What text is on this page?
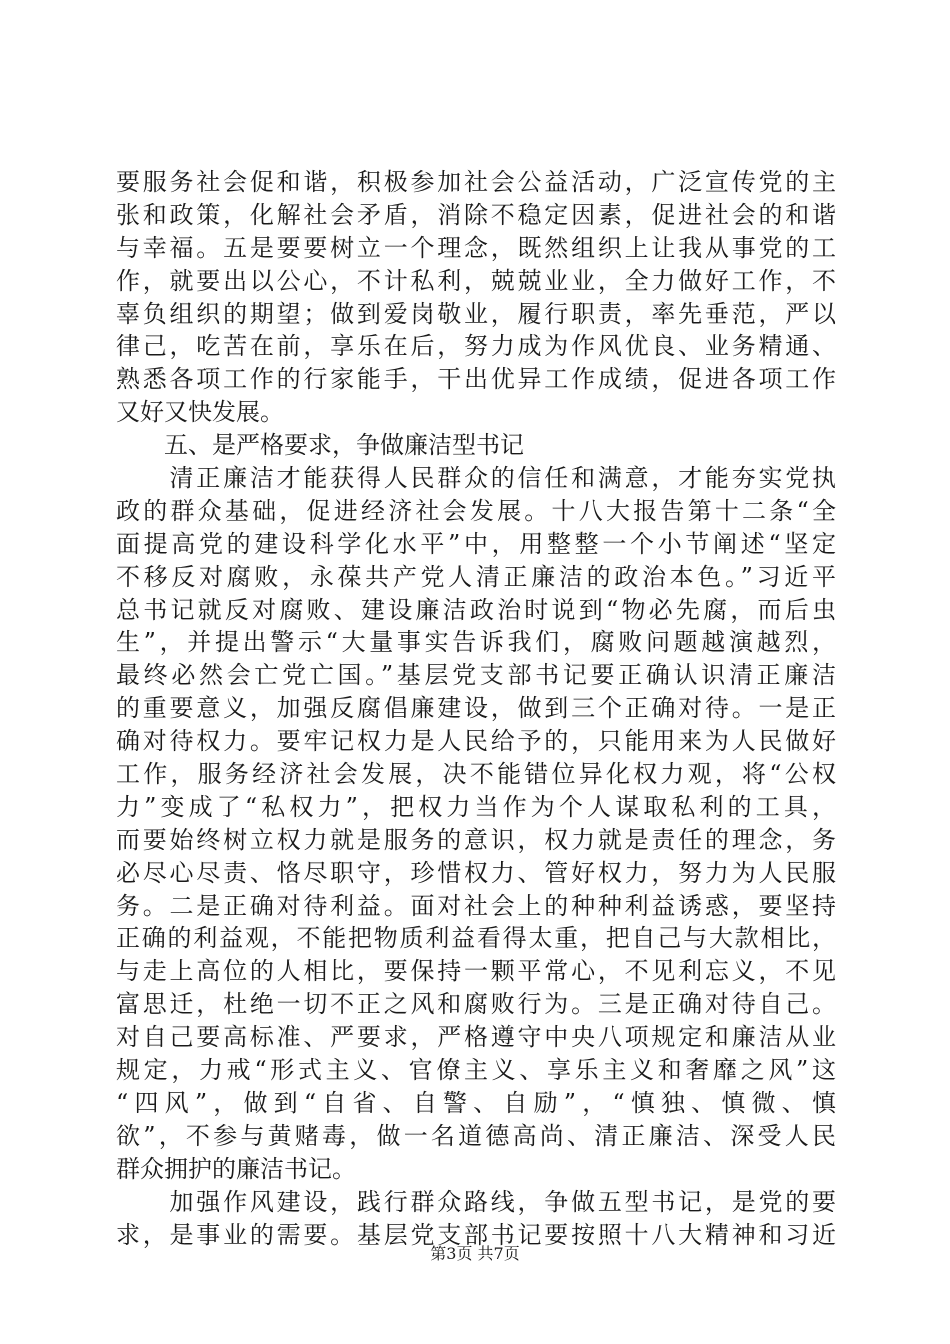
要服务社会促和谐，积极参加社会公益活动，广泛宣传党的主
张和政策，化解社会矛盾，消除不稳定因素，促进社会的和谐
与幸福。五是要要树立一个理念，既然组织上让我从事党的工
作，就要出以公心，不计私利，兢兢业业，全力做好工作，不
辜负组织的期望；做到爱岗敬业，履行职责，率先垂范，严以
律己，吃苦在前，享乐在后，努力成为作风优良、业务精通、
熟悉各项工作的行家能手，干出优异工作成绩，促进各项工作
又好又快发展。
　　五、是严格要求，争做廉洁型书记
　　清正廉洁才能获得人民群众的信任和满意，才能夯实党执
政的群众基础，促进经济社会发展。十八大报告第十二条“全
面提高党的建设科学化水平”中，用整整一个小节阐述“坚定
不移反对腐败，永葆共产党人清正廉洁的政治本色。”习近平
总书记就反对腐败、建设廉洁政治时说到“物必先腐，而后虫
生”，并提出警示“大量事实告诉我们，腐败问题越演越烈，
最终必然会亡党亡国。”基层党支部书记要正确认识清正廉洁
的重要意义，加强反腐倡廉建设，做到三个正确对待。一是正
确对待权力。要牢记权力是人民给予的，只能用来为人民做好
工作，服务经济社会发展，决不能错位异化权力观，将“公权
力”变成了“私权力”，把权力当作为个人谋取私利的工具，
而要始终树立权力就是服务的意识，权力就是责任的理念，务
必尽心尽责、恪尽职守，珍惜权力、管好权力，努力为人民服
务。二是正确对待利益。面对社会上的种种利益诱惑，要坚持
正确的利益观，不能把物质利益看得太重，把自己与大款相比，
与走上高位的人相比，要保持一颗平常心，不见利忘义，不见
富思迁，杜绝一切不正之风和腐败行为。三是正确对待自己。
对自己要高标准、严要求，严格遵守中央八项规定和廉洁从业
规定，力戒“形式主义、官僚主义、享乐主义和奢靡之风”这
“四风”，做到“自省、自警、自励”，“慎独、慎微、慎
欲”，不参与黄赌毒，做一名道德高尚、清正廉洁、深受人民
群众拥护的廉洁书记。
　　加强作风建设，践行群众路线，争做五型书记，是党的要
求，是事业的需要。基层党支部书记要按照十八大精神和习近
第3页 共7页
